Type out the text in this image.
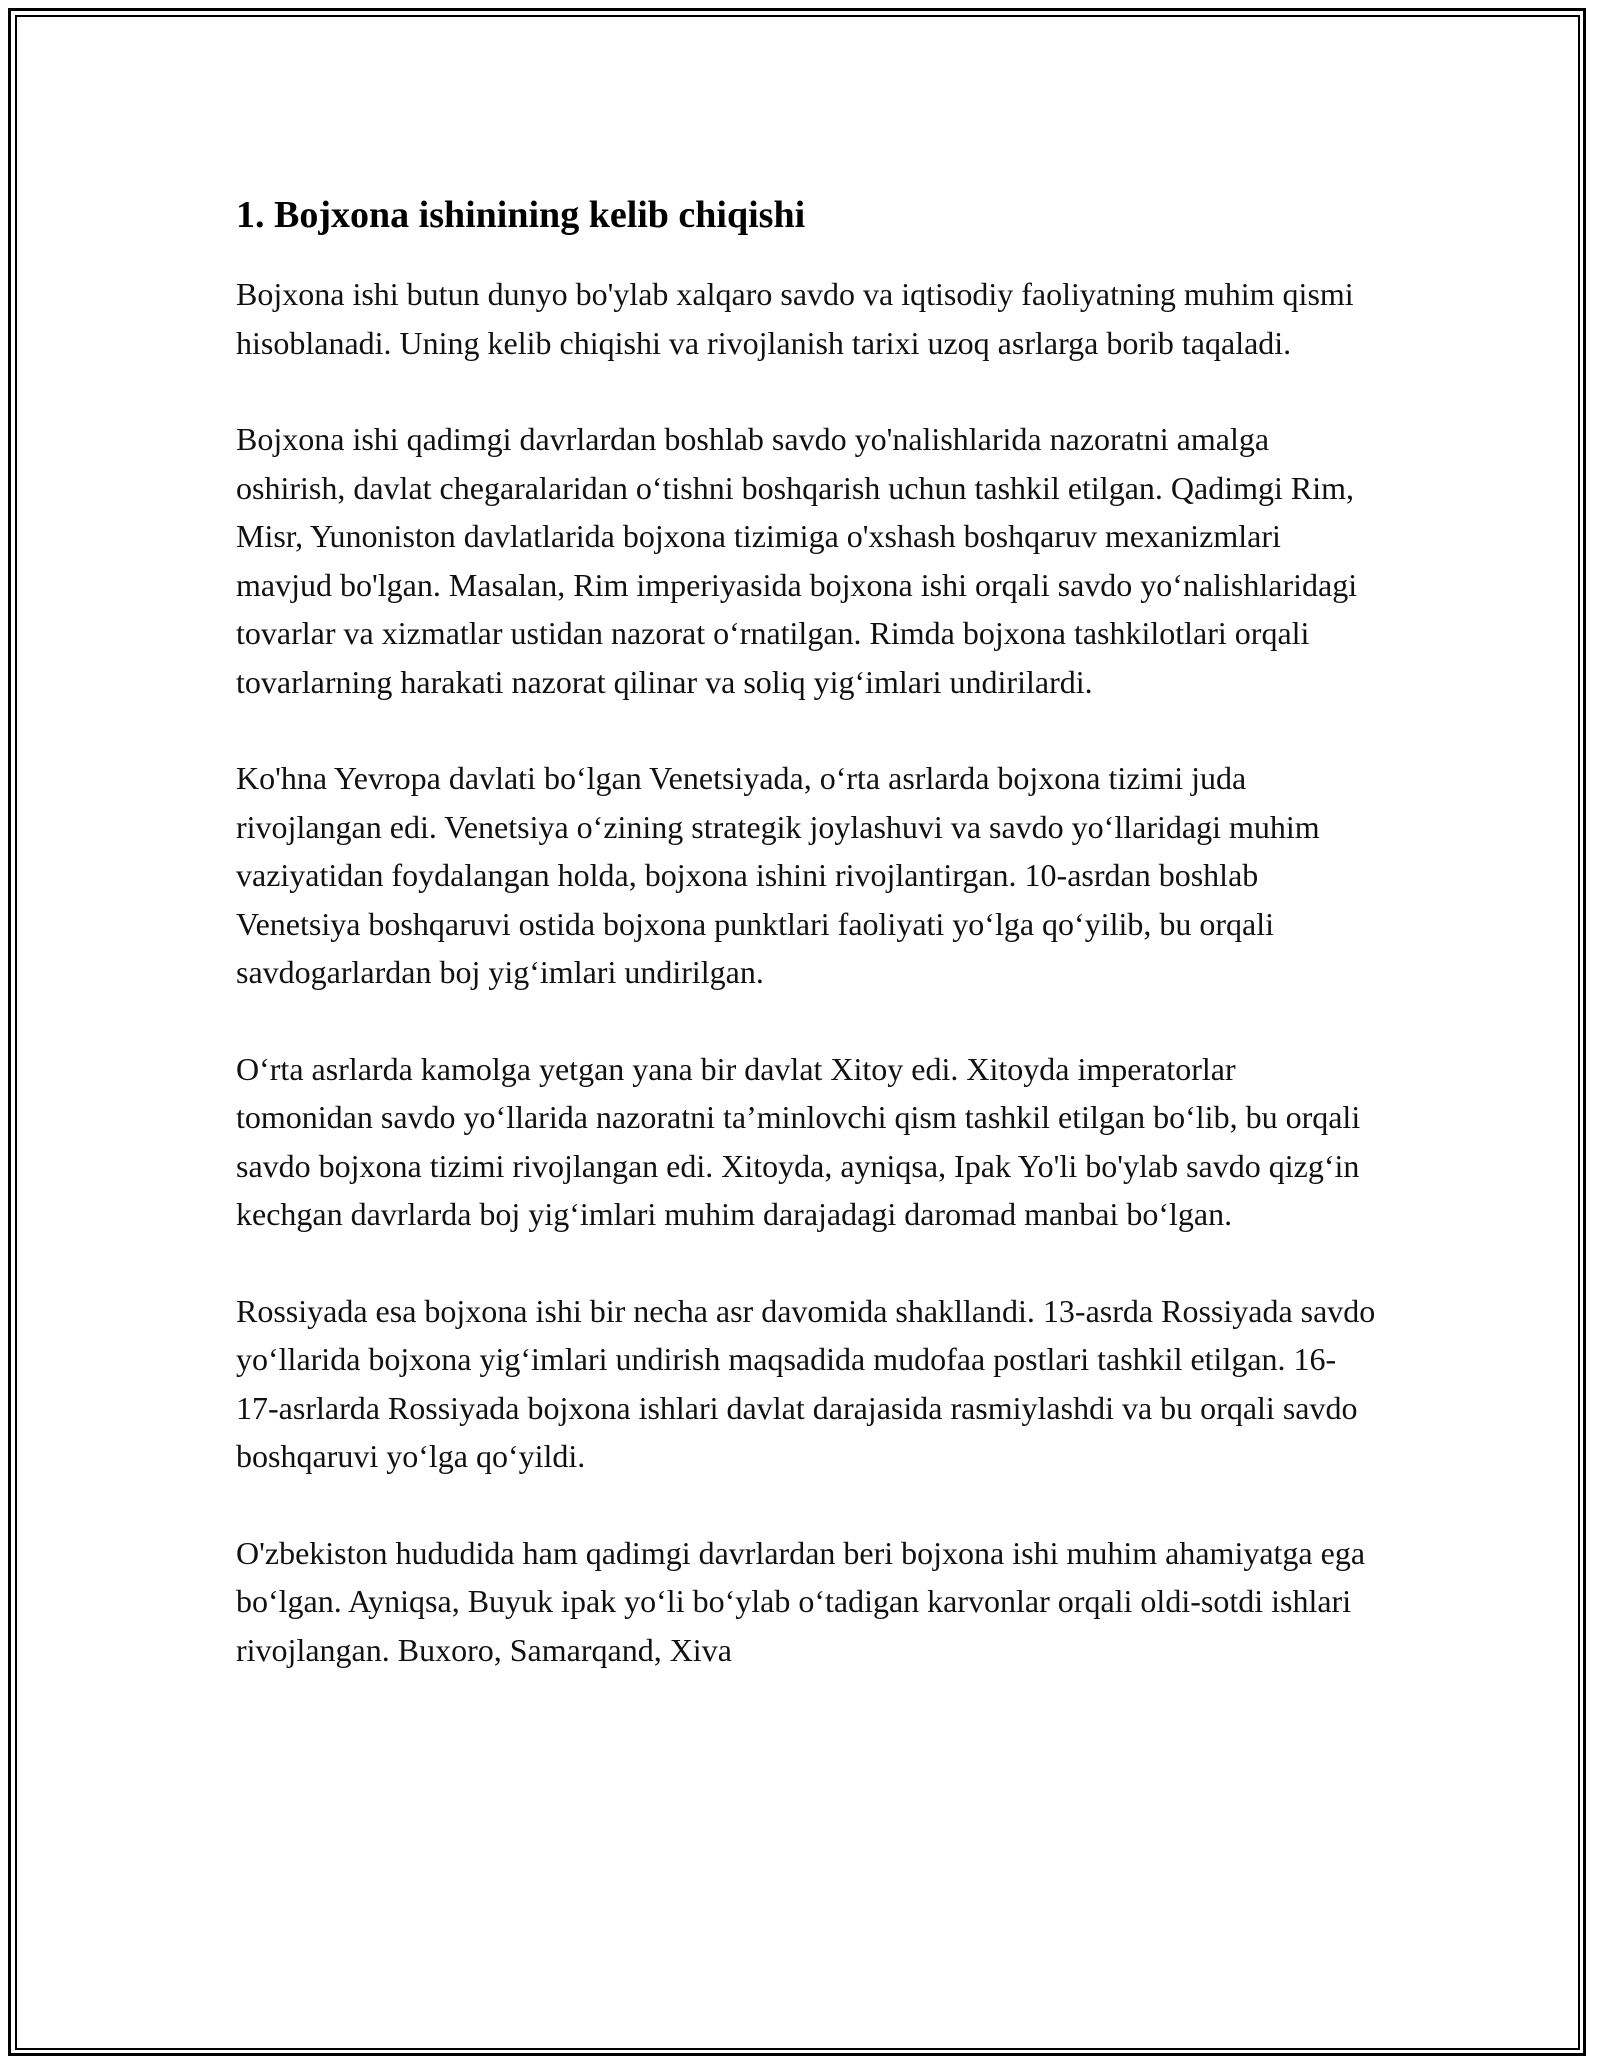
1. Bojxona ishinining kelib chiqishi

Bojxona ishi butun dunyo bo'ylab xalqaro savdo va iqtisodiy faoliyatning muhim qismi hisoblanadi. Uning kelib chiqishi va rivojlanish tarixi uzoq asrlarga borib taqaladi.

Bojxona ishi qadimgi davrlardan boshlab savdo yo'nalishlarida nazoratni amalga oshirish, davlat chegaralaridan o‘tishni boshqarish uchun tashkil etilgan. Qadimgi Rim, Misr, Yunoniston davlatlarida bojxona tizimiga o'xshash boshqaruv mexanizmlari mavjud bo'lgan. Masalan, Rim imperiyasida bojxona ishi orqali savdo yo‘nalishlaridagi tovarlar va xizmatlar ustidan nazorat o‘rnatilgan. Rimda bojxona tashkilotlari orqali tovarlarning harakati nazorat qilinar va soliq yig‘imlari undirilardi.

Ko'hna Yevropa davlati bo‘lgan Venetsiyada, o‘rta asrlarda bojxona tizimi juda rivojlangan edi. Venetsiya o‘zining strategik joylashuvi va savdo yo‘llaridagi muhim vaziyatidan foydalangan holda, bojxona ishini rivojlantirgan. 10-asrdan boshlab Venetsiya boshqaruvi ostida bojxona punktlari faoliyati yo‘lga qo‘yilib, bu orqali savdogarlardan boj yig‘imlari undirilgan.

O‘rta asrlarda kamolga yetgan yana bir davlat Xitoy edi. Xitoyda imperatorlar tomonidan savdo yo‘llarida nazoratni ta’minlovchi qism tashkil etilgan bo‘lib, bu orqali savdo bojxona tizimi rivojlangan edi. Xitoyda, ayniqsa, Ipak Yo'li bo'ylab savdo qizg‘in kechgan davrlarda boj yig‘imlari muhim darajadagi daromad manbai bo‘lgan.

Rossiyada esa bojxona ishi bir necha asr davomida shakllandi. 13-asrda Rossiyada savdo yo‘llarida bojxona yig‘imlari undirish maqsadida mudofaa postlari tashkil etilgan. 16-17-asrlarda Rossiyada bojxona ishlari davlat darajasida rasmiylashdi va bu orqali savdo boshqaruvi yo‘lga qo‘yildi.

O'zbekiston hududida ham qadimgi davrlardan beri bojxona ishi muhim ahamiyatga ega bo‘lgan. Ayniqsa, Buyuk ipak yo‘li bo‘ylab o‘tadigan karvonlar orqali oldi-sotdi ishlari rivojlangan. Buxoro, Samarqand, Xiva
